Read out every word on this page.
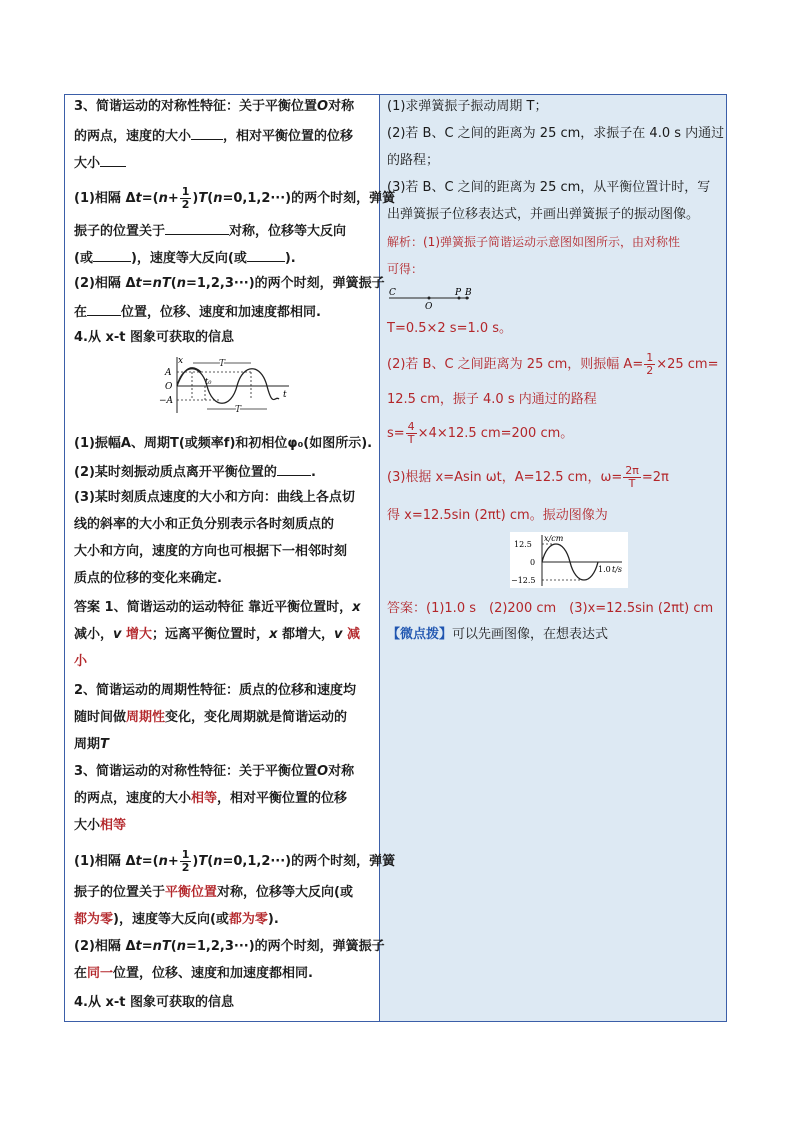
3、简谐运动的对称性特征：关于平衡位置O对称
的两点，速度的大小 ，相对平衡位置的位移
大小
(1)相隔 $\Delta t=(n+ \frac{1}{2} )T(n=0,1,2\cdot\cdot\cdot)$的两个时刻，弹簧
振子的位置关于	对称，位移等大反向
(或	)，速度等大反向(或	).
(2)相隔 Δt=nT(n=1,2,3···)的两个时刻，弹簧振子
在	位置，位移、速度和加速度都相同.
4.从 x-t 图象可获取的信息
x
A
O
−A
T
t₀
T
t
(1)振幅A、周期T(或频率f)和初相位φ₀(如图所示).
(2)某时刻振动质点离开平衡位置的	.
(3)某时刻质点速度的大小和方向：曲线上各点切
线的斜率的大小和正负分别表示各时刻质点的
大小和方向，速度的方向也可根据下一相邻时刻
质点的位移的变化来确定.
答案 1、简谐运动的运动特征 靠近平衡位置时，x
减小，v 增大；远离平衡位置时，x 都增大，v 减
小
2、简谐运动的周期性特征：质点的位移和速度均
随时间做周期性变化，变化周期就是简谐运动的
周期T
3、简谐运动的对称性特征：关于平衡位置O对称
的两点，速度的大小相等，相对平衡位置的位移
大小相等
(1)相隔 $\Delta t=(n+ \frac{1}{2} )T(n=0,1,2\cdot\cdot\cdot)$的两个时刻，弹簧
振子的位置关于平衡位置对称，位移等大反向(或
都为零)，速度等大反向(或都为零).
(2)相隔 Δt=nT(n=1,2,3···)的两个时刻，弹簧振子
在同一位置，位移、速度和加速度都相同.
4.从 x-t 图象可获取的信息
(1)求弹簧振子振动周期 T；
(2)若 B、C 之间的距离为 25 cm，求振子在 4.0 s 内通过
的路程；
(3)若 B、C 之间的距离为 25 cm，从平衡位置计时，写
出弹簧振子位移表达式，并画出弹簧振子的振动图像。
解析：(1)弹簧振子简谐运动示意图如图所示，由对称性
可得：
C
O
P B
T=0.5×2 s=1.0 s。
(2)若 B、C 之间距离为 25 cm，则振幅 $A= \frac{1}{2} \times 25$ cm=
12.5 cm，振子 4.0 s 内通过的路程
$s= \frac{4}{T} \times 4\times 12.5$ cm=200 cm。
(3)根据 x=Asin ωt，A=12.5 cm，$\omega= \frac{2\pi}{T} =2\pi$
得 x=12.5sin (2πt) cm。振动图像为
x/cm
12.5
0
−12.5
1.0 t/s
答案：(1)1.0 s　(2)200 cm　(3)x=12.5sin (2πt) cm
【微点拨】可以先画图像，在想表达式
